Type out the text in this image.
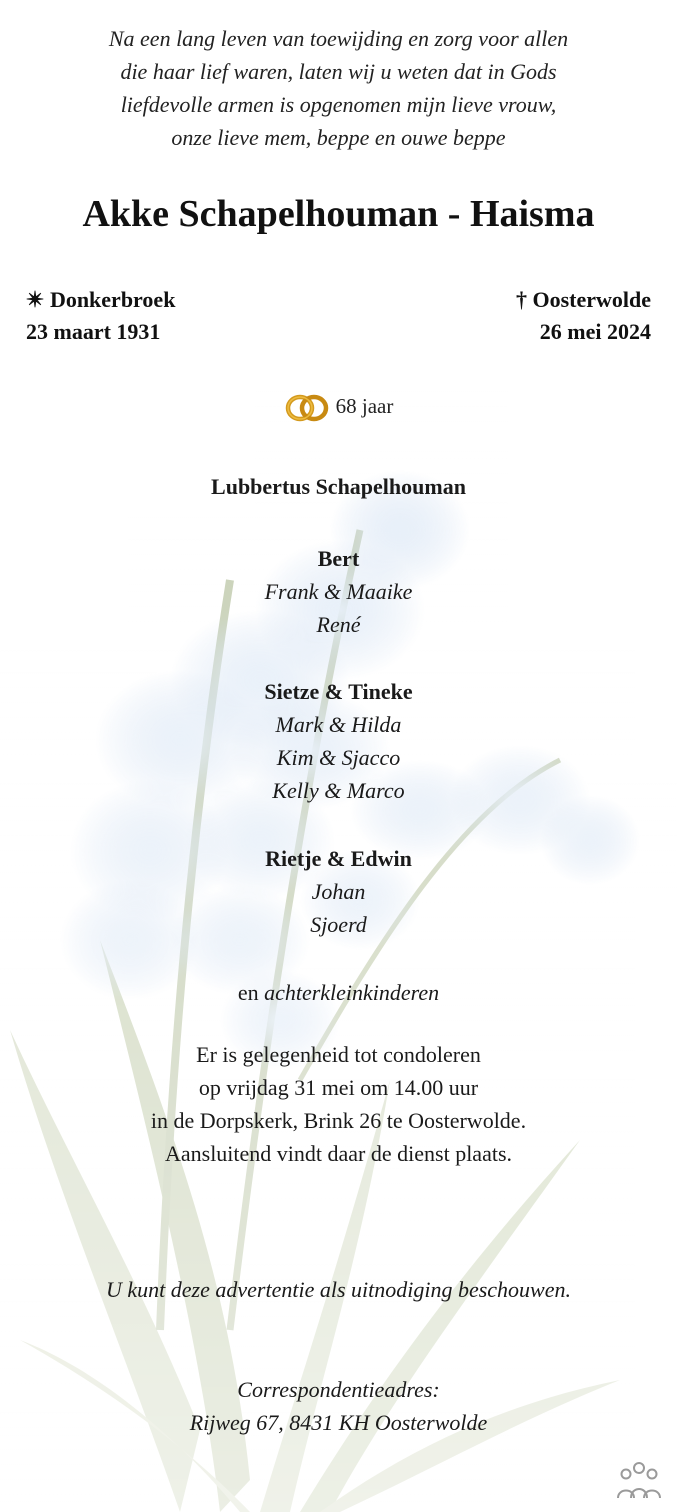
Na een lang leven van toewijding en zorg voor allen
die haar lief waren, laten wij u weten dat in Gods
liefdevolle armen is opgenomen mijn lieve vrouw,
onze lieve mem, beppe en ouwe beppe
Akke Schapelhouman - Haisma
✴ Donkerbroek
23 maart 1931
† Oosterwolde
26 mei 2024
68 jaar
Lubbertus Schapelhouman
Bert
Frank & Maaike
René
Sietze & Tineke
Mark & Hilda
Kim & Sjacco
Kelly & Marco
Rietje & Edwin
Johan
Sjoerd
en achterkleinkinderen
Er is gelegenheid tot condoleren
op vrijdag 31 mei om 14.00 uur
in de Dorpskerk, Brink 26 te Oosterwolde.
Aansluitend vindt daar de dienst plaats.
U kunt deze advertentie als uitnodiging beschouwen.
Correspondentieadres:
Rijweg 67, 8431 KH Oosterwolde
